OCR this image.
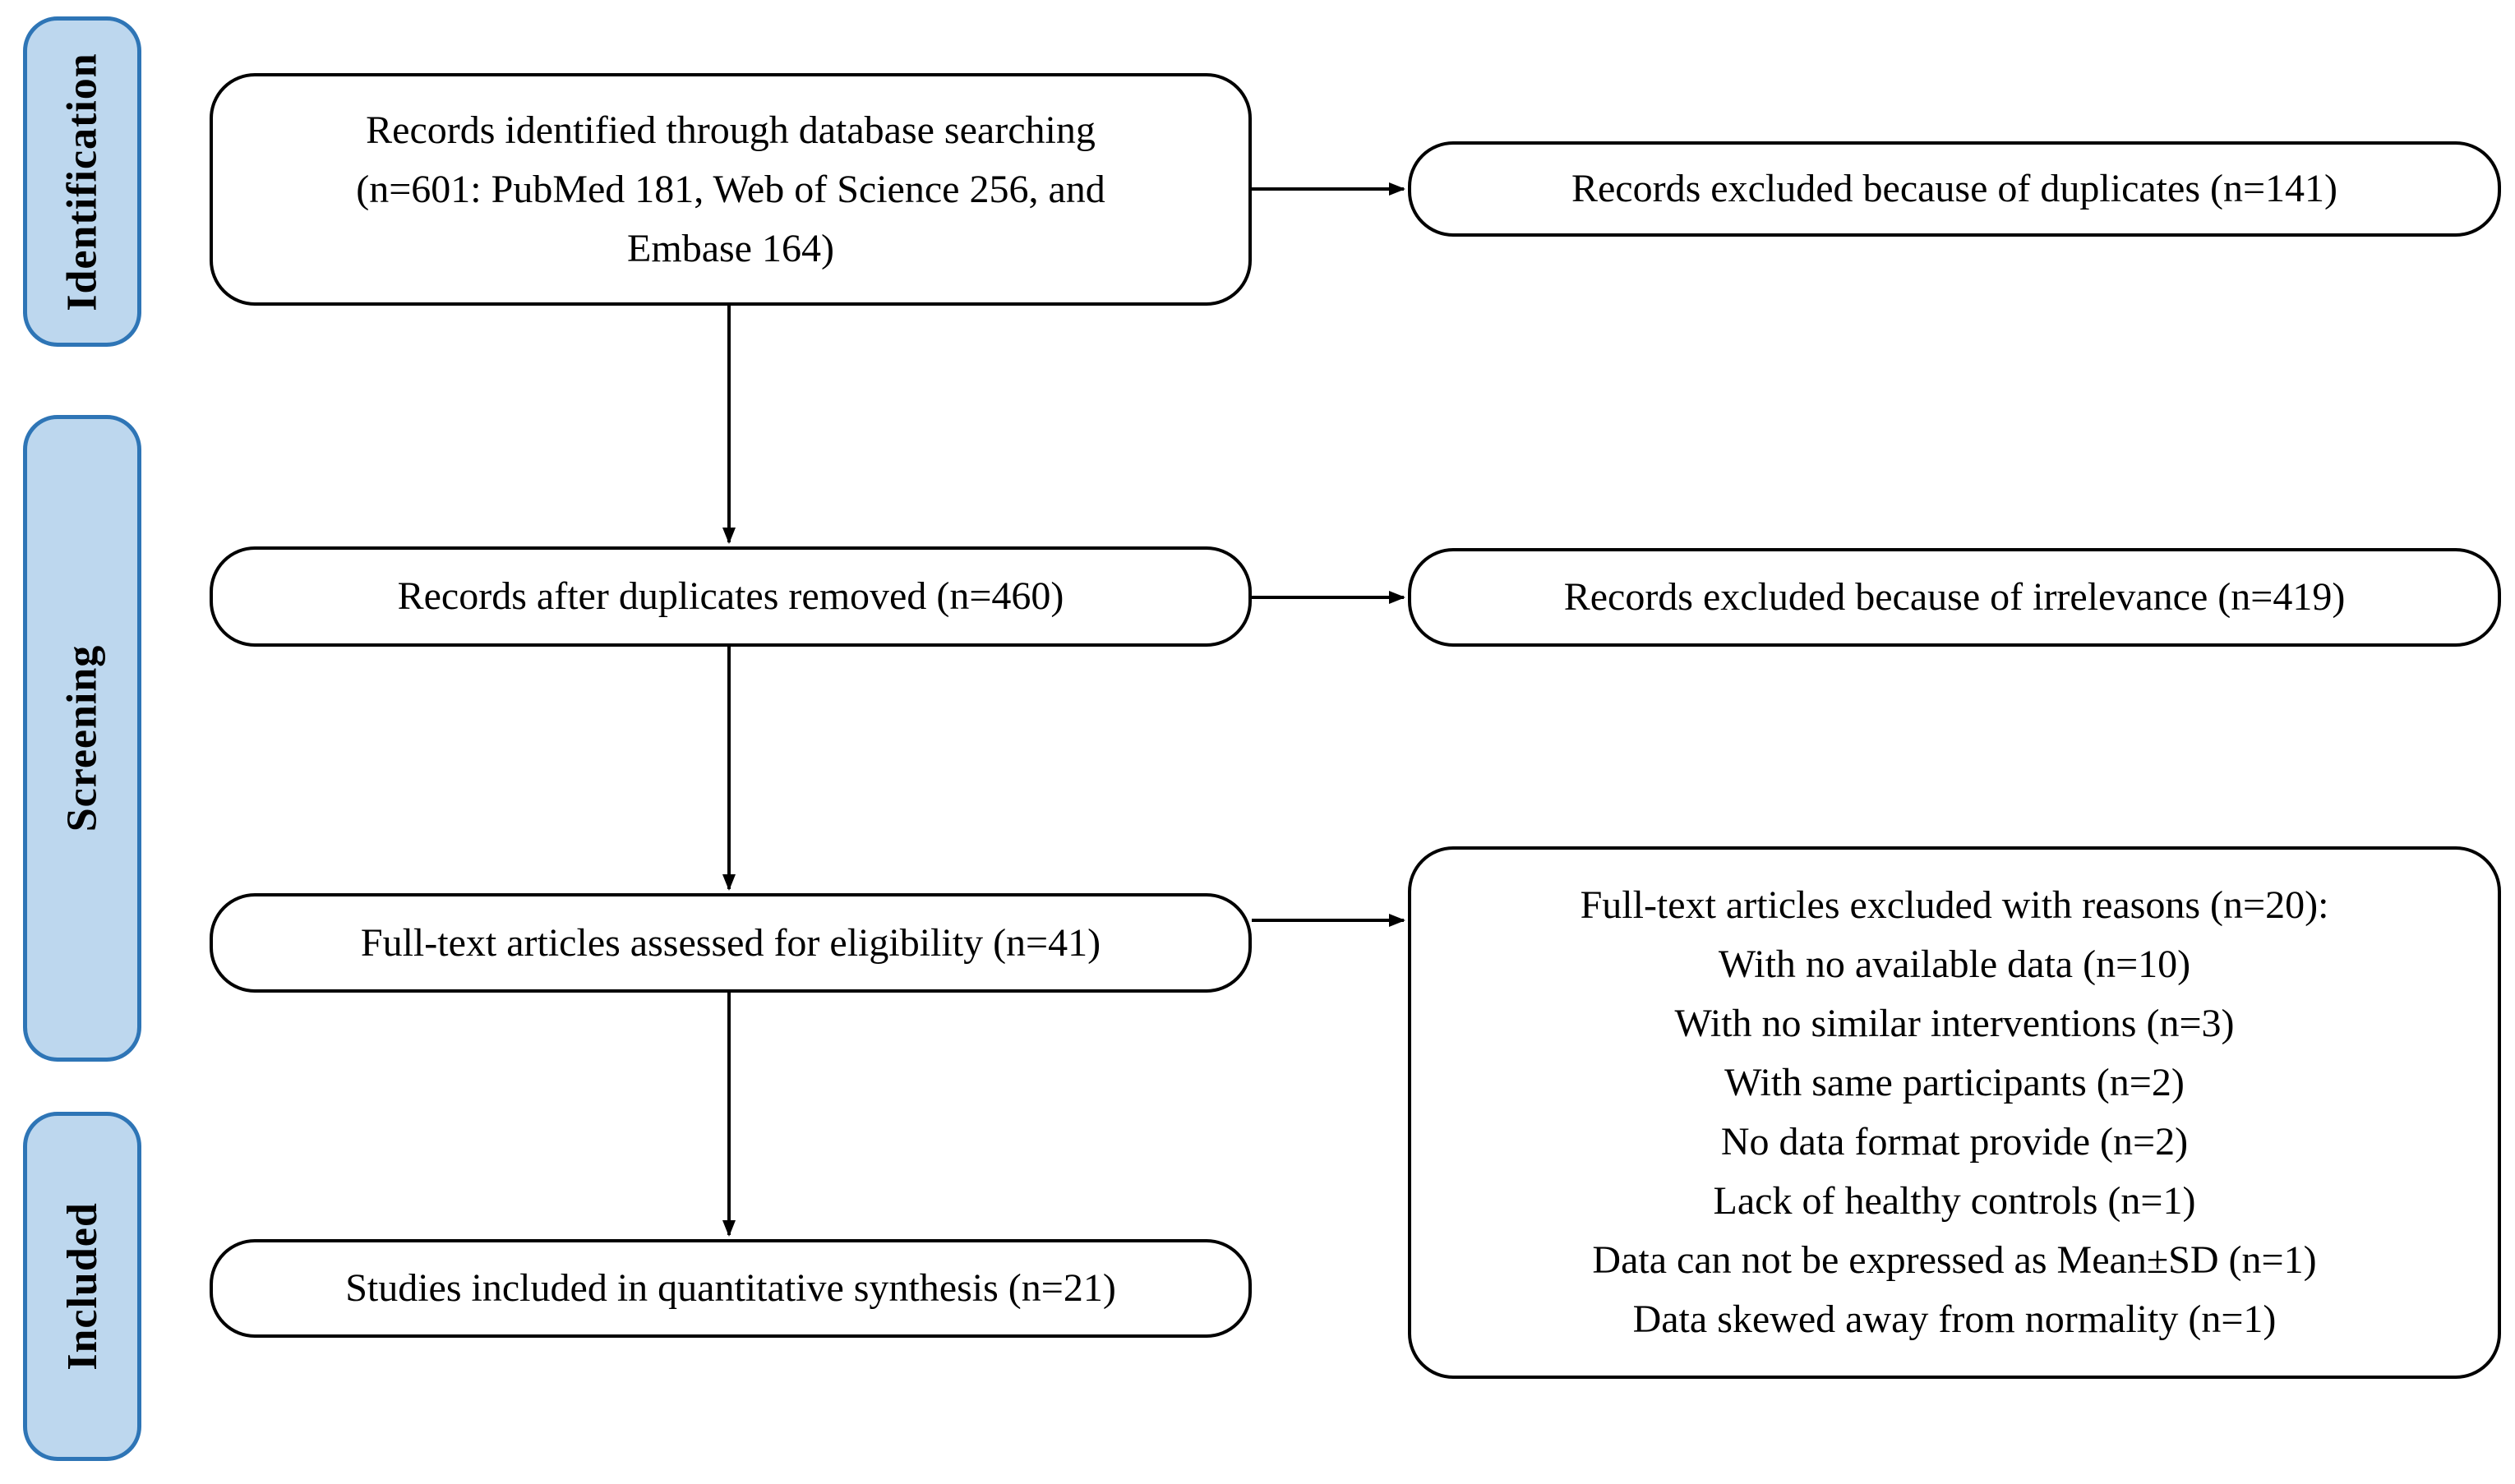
Identification
Screening
Included
Records identified through database searching
(n=601: PubMed 181, Web of Science 256, and
Embase 164)
Records excluded because of duplicates (n=141)
Records after duplicates removed (n=460)	Records excluded because of irrelevance (n=419)
Full-text articles assessed for eligibility (n=41)
Full-text articles excluded with reasons (n=20):
With no available data (n=10)
With no similar interventions (n=3)
With same participants (n=2)
No data format provide (n=2)
Lack of healthy controls (n=1)
Data can not be expressed as Mean±SD (n=1)
Data skewed away from normality (n=1)
Studies included in quantitative synthesis (n=21)
